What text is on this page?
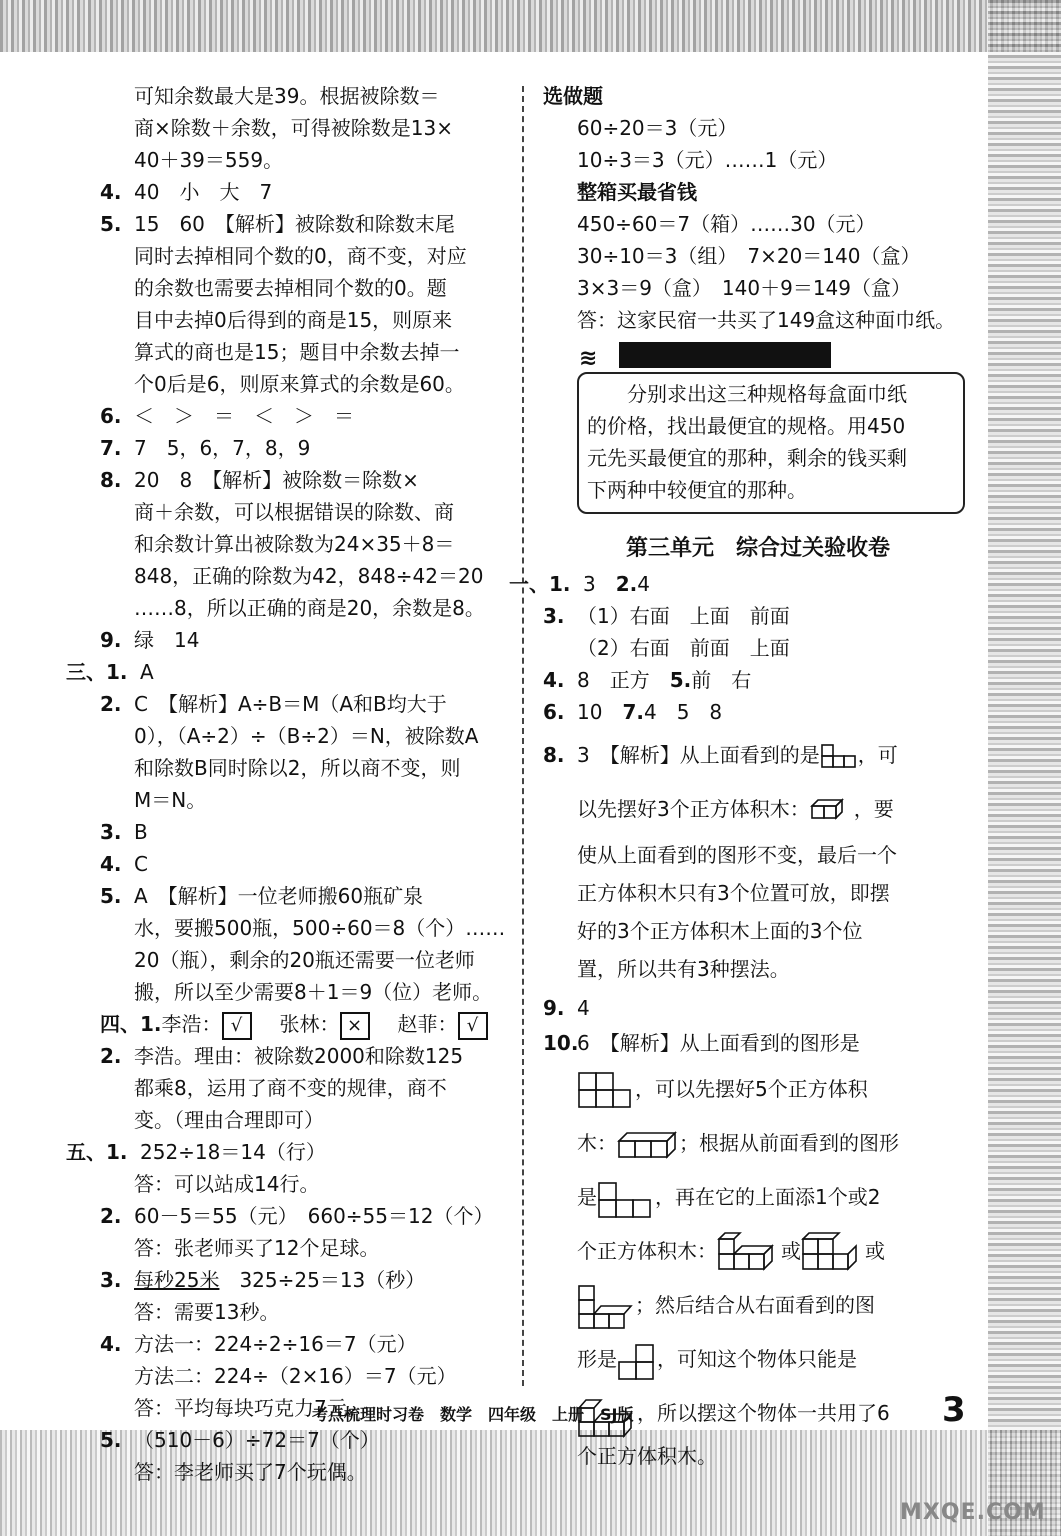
可知余数最大是39。根据被除数＝

商×除数＋余数，可得被除数是13×

40＋39＝559。

4. 40　小　大　7

5. 15　60　【解析】被除数和除数末尾

同时去掉相同个数的0，商不变，对应

的余数也需要去掉相同个数的0。题

目中去掉0后得到的商是15，则原来

算式的商也是15；题目中余数去掉一

个0后是6，则原来算式的余数是60。

6. ＜　＞　＝　＜　＞　＝

7. 7　5，6，7，8，9

8. 20　8　【解析】被除数＝除数×

商＋余数，可以根据错误的除数、商

和余数计算出被除数为24×35＋8＝

848，正确的除数为42，848÷42＝20

……8，所以正确的商是20，余数是8。

9. 绿　14

三、1. A

2. C　【解析】A÷B＝M（A和B均大于

0），（A÷2）÷（B÷2）＝N，被除数A

和除数B同时除以2，所以商不变，则

M＝N。

3. B

4. C

5. A　【解析】一位老师搬60瓶矿泉

水，要搬500瓶，500÷60＝8（个）……

20（瓶），剩余的20瓶还需要一位老师

搬，所以至少需要8＋1＝9（位）老师。

四、1.李浩： √ 张林： × 赵菲： √

2. 李浩。理由：被除数2000和除数125

都乘8，运用了商不变的规律，商不

变。（理由合理即可）

五、1. 252÷18＝14（行）

答：可以站成14行。

2. 60－5＝55（元）　660÷55＝12（个）

答：张老师买了12个足球。

3. 每秒25米　325÷25＝13（秒）

答：需要13秒。

4. 方法一：224÷2÷16＝7（元）

方法二：224÷（2×16）＝7（元）

答：平均每块巧克力7元。

5. （510－6）÷72＝7（个）

答：李老师买了7个玩偶。

选做题

60÷20＝3（元）

10÷3＝3（元）……1（元）

整箱买最省钱

450÷60＝7（箱）……30（元）

30÷10＝3（组）　7×20＝140（盒）

3×3＝9（盒）　140＋9＝149（盒）

答：这家民宿一共买了149盒这种面巾纸。

≋

　　分别求出这三种规格每盒面巾纸

的价格，找出最便宜的规格。用450

元先买最便宜的那种，剩余的钱买剩

下两种中较便宜的那种。

第三单元　综合过关验收卷

一、1. 3　2.4

3. （1）右面　上面　前面

（2）右面　前面　上面

4. 8　正方　5.前　右

6. 10　7.4　5　8

8. 3　【解析】从上面看到的是 ，可

以先摆好3个正方体积木： ，要

使从上面看到的图形不变，最后一个

正方体积木只有3个位置可放，即摆

好的3个正方体积木上面的3个位

置，所以共有3种摆法。

9. 4

10.6　【解析】从上面看到的图形是

，可以先摆好5个正方体积

木：	；根据从前面看到的图形

是	，再在它的上面添1个或2

个正方体积木：	或	或

；然后结合从右面看到的图

形是 ，可知这个物体只能是

，所以摆这个物体一共用了6

个正方体积木。

考点梳理时习卷　数学　四年级　上册　SJ版	3
MXQE.COM
